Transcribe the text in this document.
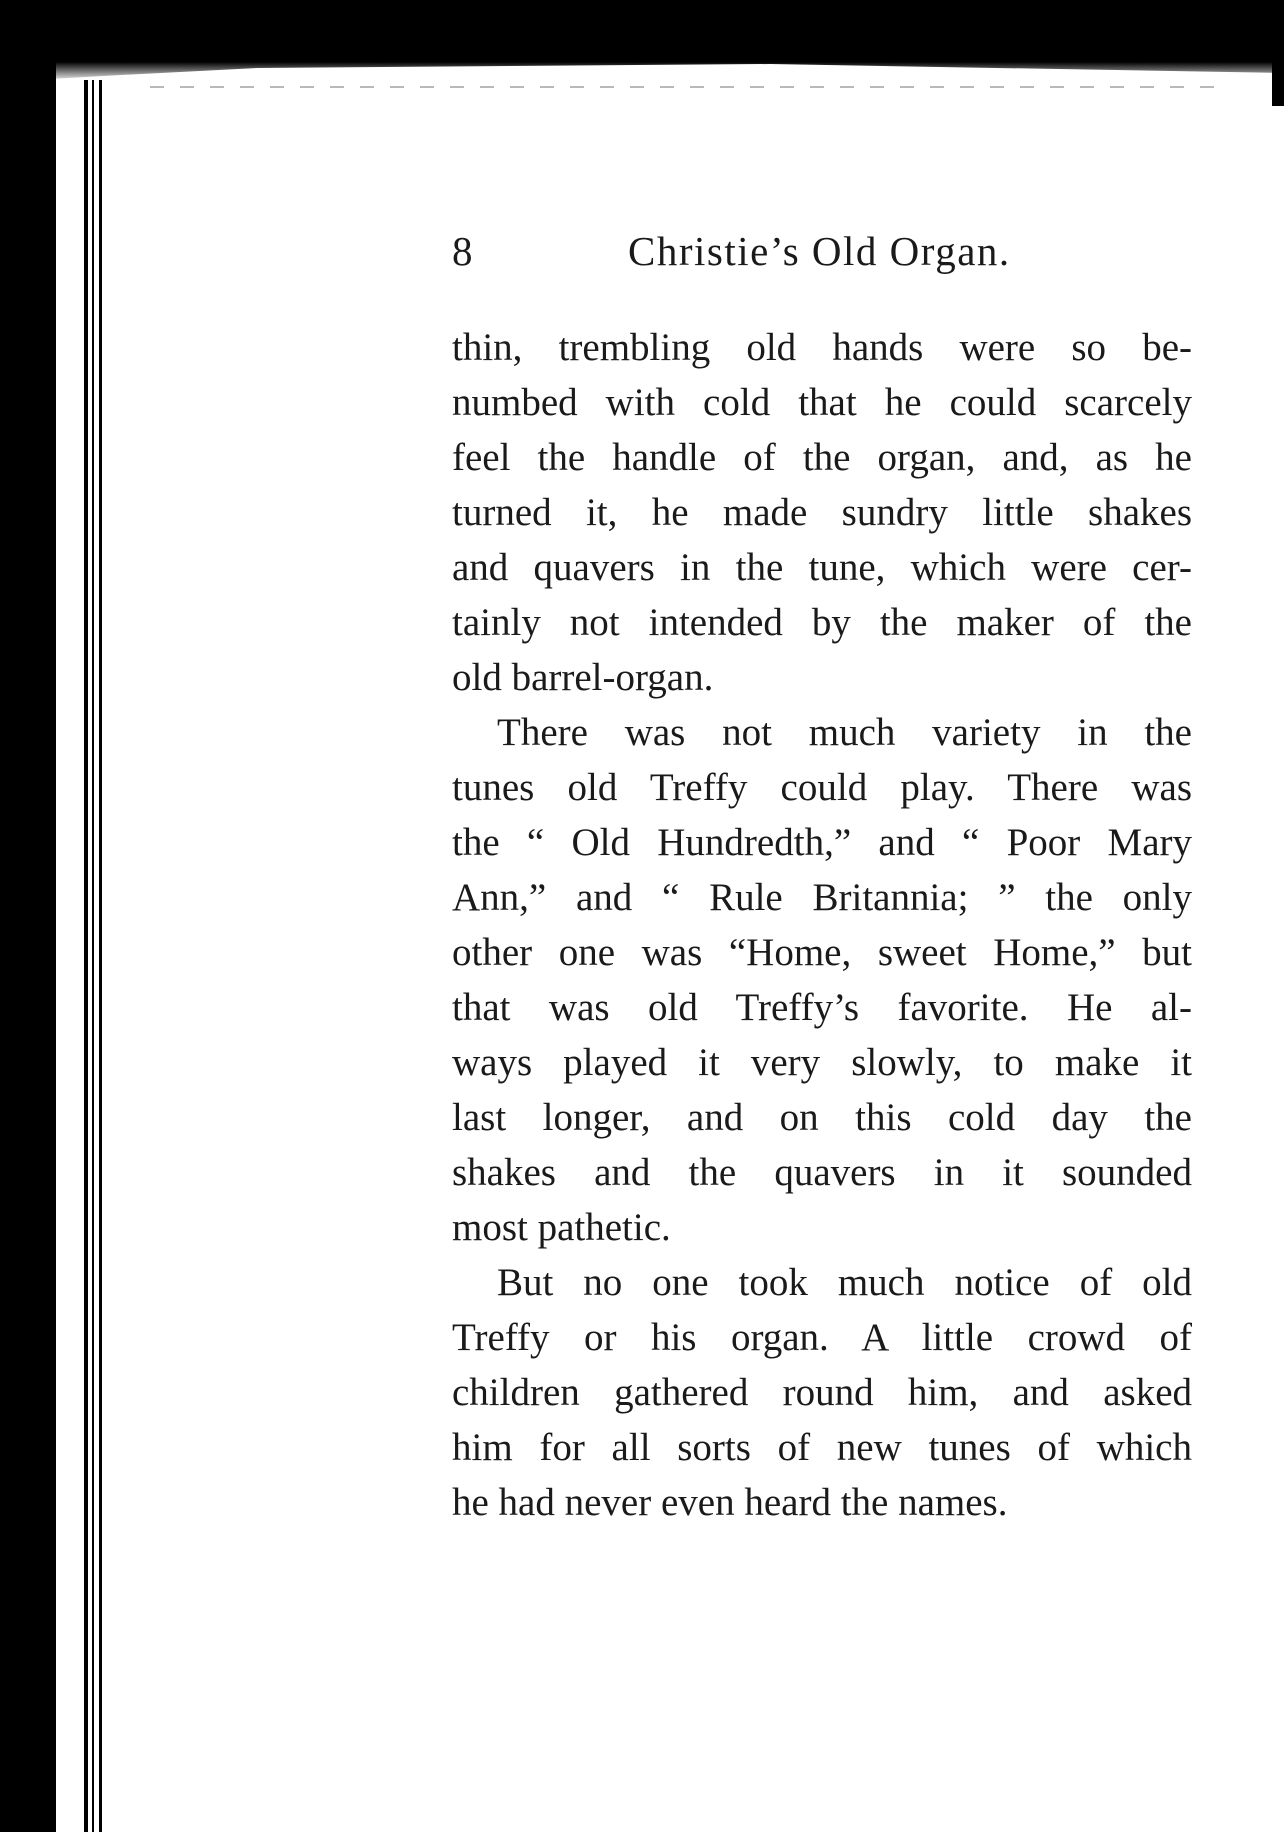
8	Christie’s Old Organ.

thin, trembling old hands were so be-
numbed with cold that he could scarcely
feel the handle of the organ, and, as he
turned it, he made sundry little shakes
and quavers in the tune, which were cer-
tainly not intended by the maker of the
old barrel-organ.

There was not much variety in the
tunes old Treffy could play. There was
the “ Old Hundredth,” and “ Poor Mary
Ann,” and “ Rule Britannia; ” the only
other one was “Home, sweet Home,” but
that was old Treffy’s favorite. He al-
ways played it very slowly, to make it
last longer, and on this cold day the
shakes and the quavers in it sounded
most pathetic.

But no one took much notice of old
Treffy or his organ. A little crowd of
children gathered round him, and asked
him for all sorts of new tunes of which
he had never even heard the names.
